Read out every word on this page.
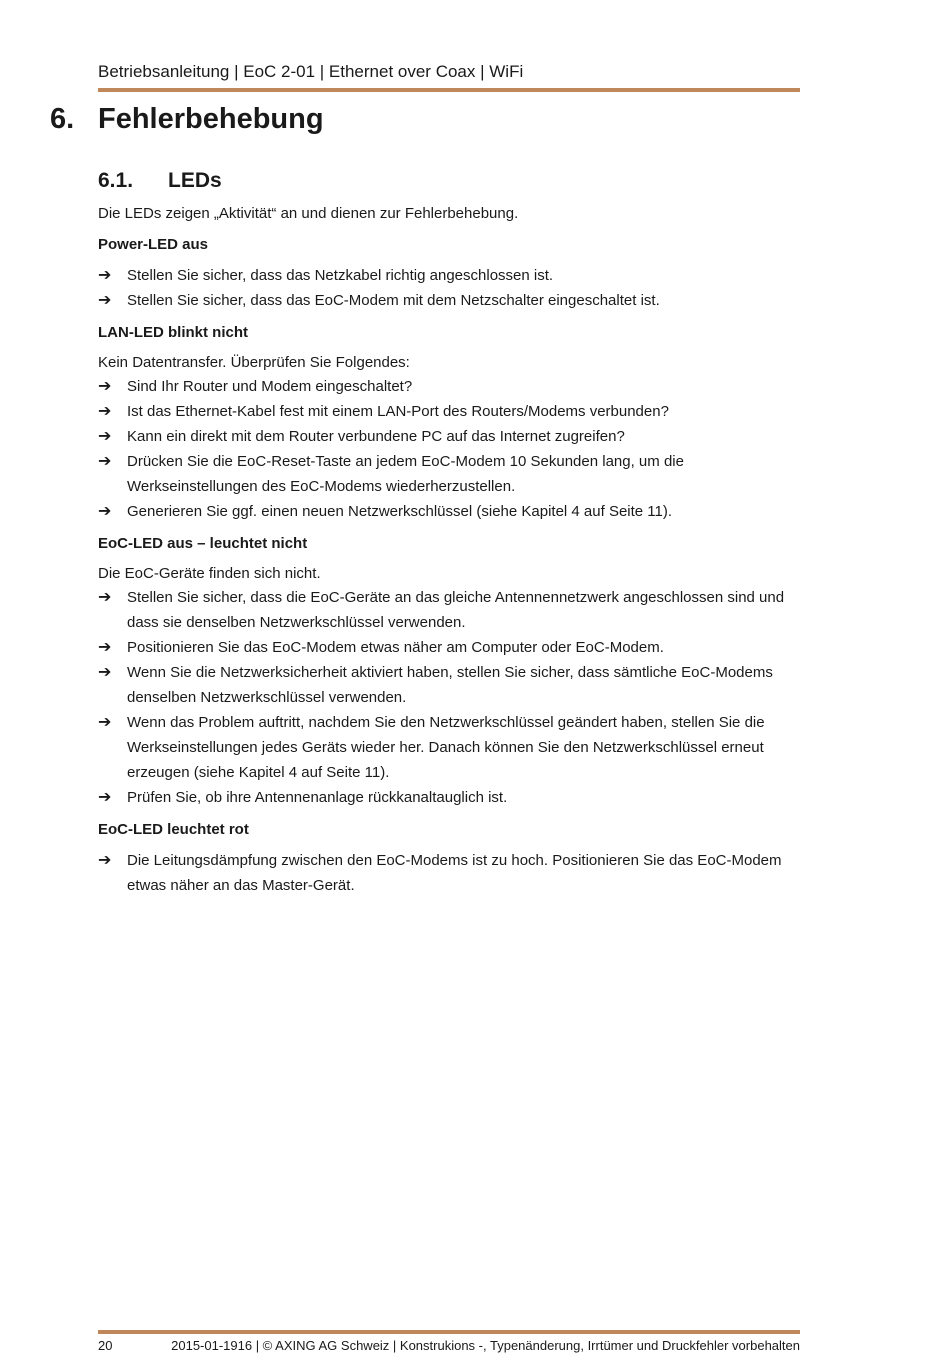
Betriebsanleitung | EoC 2-01 | Ethernet over Coax | WiFi
6. Fehlerbehebung
6.1. LEDs

Die LEDs zeigen „Aktivität“ an und dienen zur Fehlerbehebung.

Power-LED aus
➔ Stellen Sie sicher, dass das Netzkabel richtig angeschlossen ist.
➔ Stellen Sie sicher, dass das EoC-Modem mit dem Netzschalter eingeschaltet ist.
LAN-LED blinkt nicht

Kein Datentransfer. Überprüfen Sie Folgendes:

➔ Sind Ihr Router und Modem eingeschaltet?
➔ Ist das Ethernet-Kabel fest mit einem LAN-Port des Routers/Modems verbunden?
➔ Kann ein direkt mit dem Router verbundene PC auf das Internet zugreifen?
➔ Drücken Sie die EoC-Reset-Taste an jedem EoC-Modem 10 Sekunden lang, um die Werkseinstellungen des EoC-Modems wiederherzustellen.
➔ Generieren Sie ggf. einen neuen Netzwerkschlüssel (siehe Kapitel 4 auf Seite 11).
EoC-LED aus – leuchtet nicht

Die EoC-Geräte finden sich nicht.

➔ Stellen Sie sicher, dass die EoC-Geräte an das gleiche Antennennetzwerk angeschlossen sind und dass sie denselben Netzwerkschlüssel verwenden.
➔ Positionieren Sie das EoC-Modem etwas näher am Computer oder EoC-Modem.
➔ Wenn Sie die Netzwerksicherheit aktiviert haben, stellen Sie sicher, dass sämtliche EoC-Modems denselben Netzwerkschlüssel verwenden.
➔ Wenn das Problem auftritt, nachdem Sie den Netzwerkschlüssel geändert haben, stellen Sie die Werkseinstellungen jedes Geräts wieder her. Danach können Sie den Netzwerkschlüssel erneut erzeugen (siehe Kapitel 4 auf Seite 11).
➔ Prüfen Sie, ob ihre Antennenanlage rückkanaltauglich ist.
EoC-LED leuchtet rot
➔ Die Leitungsdämpfung zwischen den EoC-Modems ist zu hoch. Positionieren Sie das EoC-Modem etwas näher an das Master-Gerät.
20	2015-01-1916 | © AXING AG Schweiz | Konstrukions -, Typenänderung, Irrtümer und Druckfehler vorbehalten
